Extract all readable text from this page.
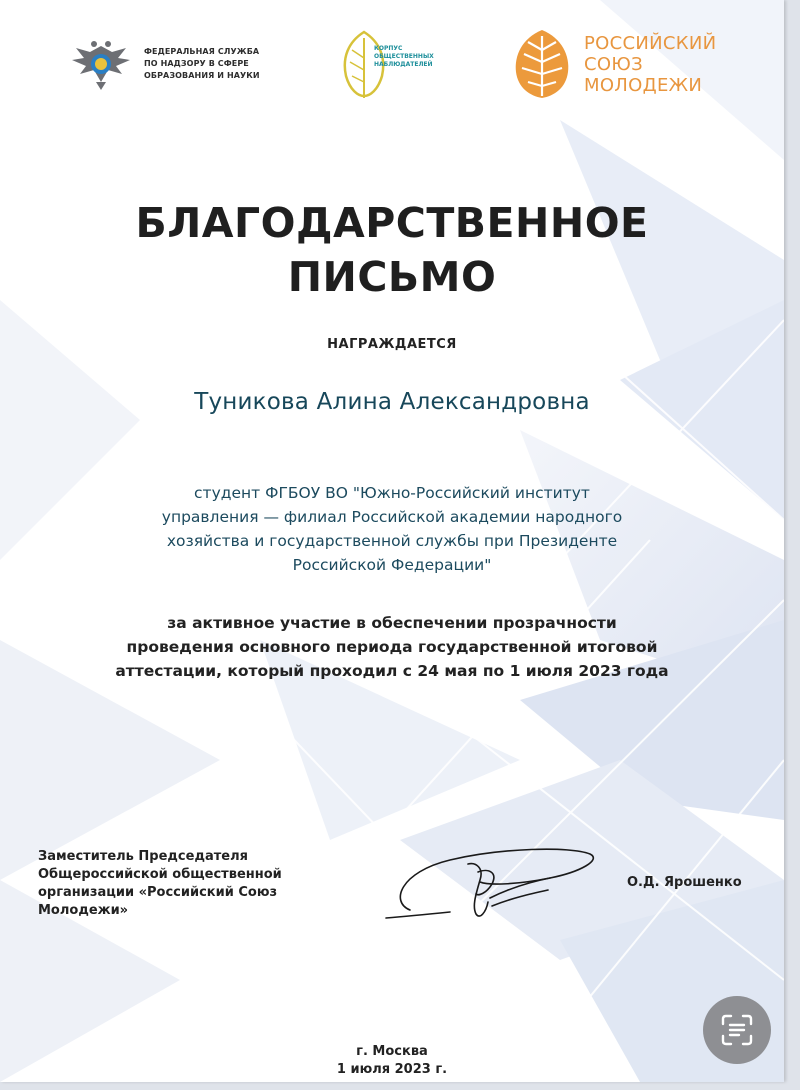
ФЕДЕРАЛЬНАЯ СЛУЖБА
ПО НАДЗОРУ В СФЕРЕ
ОБРАЗОВАНИЯ И НАУКИ
КОРПУС
ОБЩЕСТВЕННЫХ
НАБЛЮДАТЕЛЕЙ
РОССИЙСКИЙ
СОЮЗ
МОЛОДЕЖИ
БЛАГОДАРСТВЕННОЕ
ПИСЬМО
НАГРАЖДАЕТСЯ
Туникова Алина Александровна
студент ФГБОУ ВО "Южно-Российский институт
управления — филиал Российской академии народного
хозяйства и государственной службы при Президенте
Российской Федерации"
за активное участие в обеспечении прозрачности
проведения основного периода государственной итоговой
аттестации, который проходил с 24 мая по 1 июля 2023 года
Заместитель Председателя
Общероссийской общественной
организации «Российский Союз
Молодежи»
О.Д. Ярошенко
г. Москва
1 июля 2023 г.
